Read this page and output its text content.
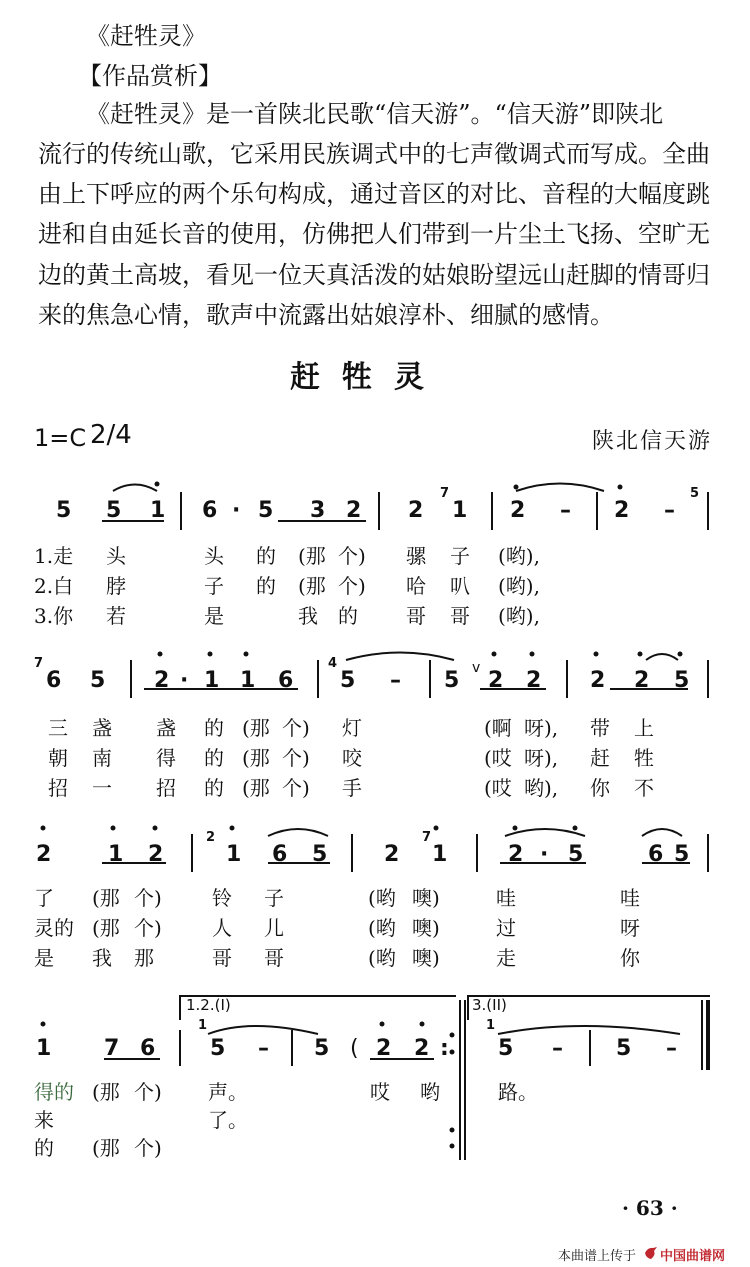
《赶牲灵》
【作品赏析】
《赶牲灵》是一首陕北民歌“信天游”。“信天游”即陕北
流行的传统山歌，它采用民族调式中的七声徵调式而写成。全曲
由上下呼应的两个乐句构成，通过音区的对比、音程的大幅度跳
进和自由延长音的使用，仿佛把人们带到一片尘土飞扬、空旷无
边的黄土高坡，看见一位天真活泼的姑娘盼望远山赶脚的情哥归
来的焦急心情，歌声中流露出姑娘淳朴、细腻的感情。
赶牲灵
1=C 2/4	陕北信天游
5 5 1 6 · 5 3 2 2
7
1 2 – 2 –
5
1.走 头	头 的 (那 个) 骡 子 (哟),
2.白 脖	子 的 (那 个) 哈 叭 (哟),
3.你 若	是	我 的 哥 哥 (哟),
7
6 5 2 · 1 1 6
4
5 – 5 2 2 2 2 5
v
三 盏 盏 的 (那 个) 灯	(啊 呀), 带 上
朝 南 得 的 (那 个) 咬	(哎 呀), 赶 牲
招 一 招 的 (那 个) 手	(哎 哟), 你 不
2	1 2
2
1 6 5	2
7
1	2 · 5	6 5
了 (那 个)	铃 子	(哟 噢)	哇	哇
灵的 (那 个)	人 儿	(哟 噢)	过	呀
是 我 那	哥 哥	(哟 噢)	走	你
1.2.(I)	3.(II)
1 7 6
1
5 – 5 ( 2 2 :
1
5 – 5 –
得的 (那 个) 声。	哎 哟	路。
来	了。
的 (那 个)
· 63 ·
本曲谱上传于 中国曲谱网
